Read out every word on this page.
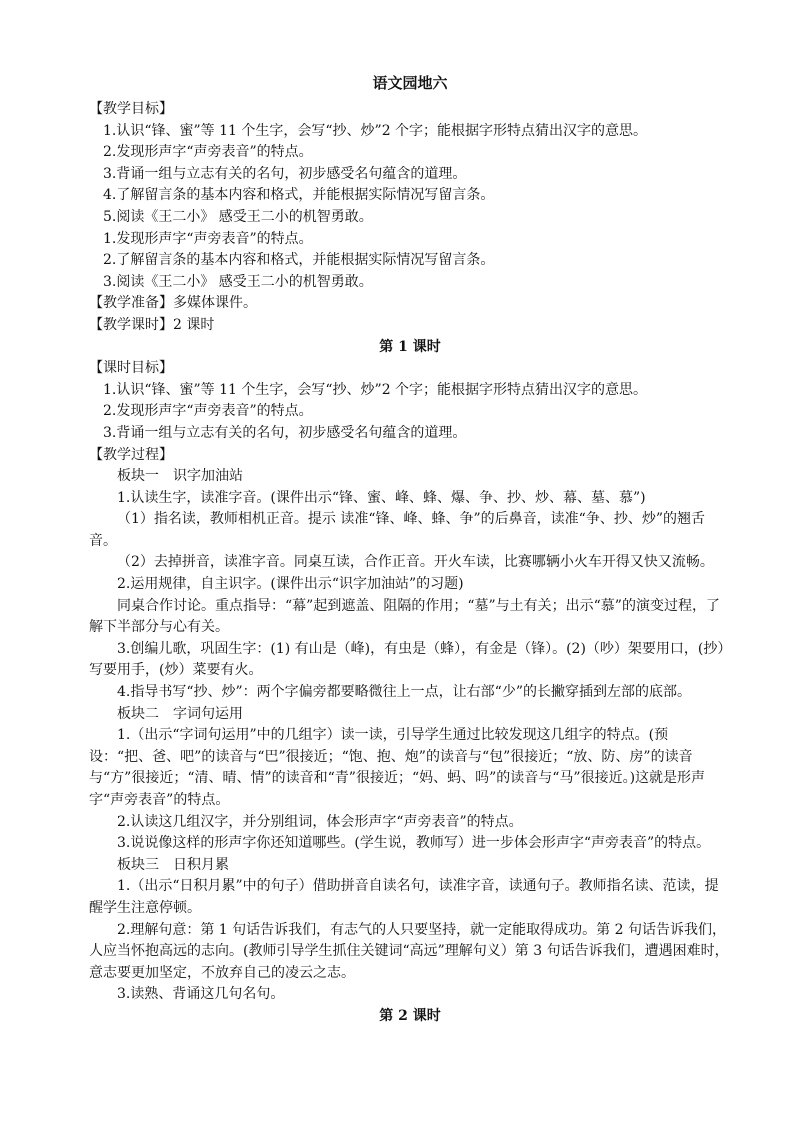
语文园地六

【教学目标】

1.认识“锋、蜜”等 11 个生字，会写“抄、炒”2 个字；能根据字形特点猜出汉字的意思。

2.发现形声字“声旁表音”的特点。

3.背诵一组与立志有关的名句，初步感受名句蕴含的道理。

4.了解留言条的基本内容和格式，并能根据实际情况写留言条。

5.阅读《王二小》 感受王二小的机智勇敢。

1.发现形声字“声旁表音”的特点。

2.了解留言条的基本内容和格式，并能根据实际情况写留言条。

3.阅读《王二小》 感受王二小的机智勇敢。

【教学准备】多媒体课件。

【教学课时】2 课时

第 1 课时

【课时目标】

1.认识“锋、蜜”等 11 个生字，会写“抄、炒”2 个字；能根据字形特点猜出汉字的意思。

2.发现形声字“声旁表音”的特点。

3.背诵一组与立志有关的名句，初步感受名句蕴含的道理。

【教学过程】

板块一　识字加油站

1.认读生字，读准字音。(课件出示“锋、蜜、峰、蜂、爆、争、抄、炒、幕、墓、慕”)

（1）指名读，教师相机正音。提示 读准“锋、峰、蜂、争”的后鼻音，读准“争、抄、炒”的翘舌音。

（2）去掉拼音，读准字音。同桌互读，合作正音。开火车读，比赛哪辆小火车开得又快又流畅。

2.运用规律，自主识字。(课件出示“识字加油站”的习题)

同桌合作讨论。重点指导：“幕”起到遮盖、阻隔的作用；“墓”与土有关；出示“慕”的演变过程，了解下半部分与心有关。

3.创编儿歌，巩固生字：(1) 有山是（峰)，有虫是（蜂），有金是（锋）。(2)（吵）架要用口，(抄）写要用手，(炒）菜要有火。

4.指导书写“抄、炒”：两个字偏旁都要略微往上一点，让右部“少”的长撇穿插到左部的底部。

板块二　字词句运用

1.（出示“字词句运用”中的几组字）读一读，引导学生通过比较发现这几组字的特点。(预设：“把、爸、吧”的读音与“巴”很接近；“饱、抱、炮”的读音与“包”很接近；“放、防、房”的读音与“方”很接近；“清、晴、情”的读音和“青”很接近；“妈、蚂、吗”的读音与“马”很接近。)这就是形声字“声旁表音”的特点。

2.认读这几组汉字，并分别组词，体会形声字“声旁表音”的特点。

3.说说像这样的形声字你还知道哪些。(学生说，教师写）进一步体会形声字“声旁表音”的特点。

板块三　日积月累

1.（出示“日积月累”中的句子）借助拼音自读名句，读准字音，读通句子。教师指名读、范读，提醒学生注意停顿。

2.理解句意：第 1 句话告诉我们，有志气的人只要坚持，就一定能取得成功。第 2 句话告诉我们，人应当怀抱高远的志向。(教师引导学生抓住关键词“高远”理解句义）第 3 句话告诉我们，遭遇困难时，意志要更加坚定，不放弃自己的凌云之志。

3.读熟、背诵这几句名句。

第 2 课时
